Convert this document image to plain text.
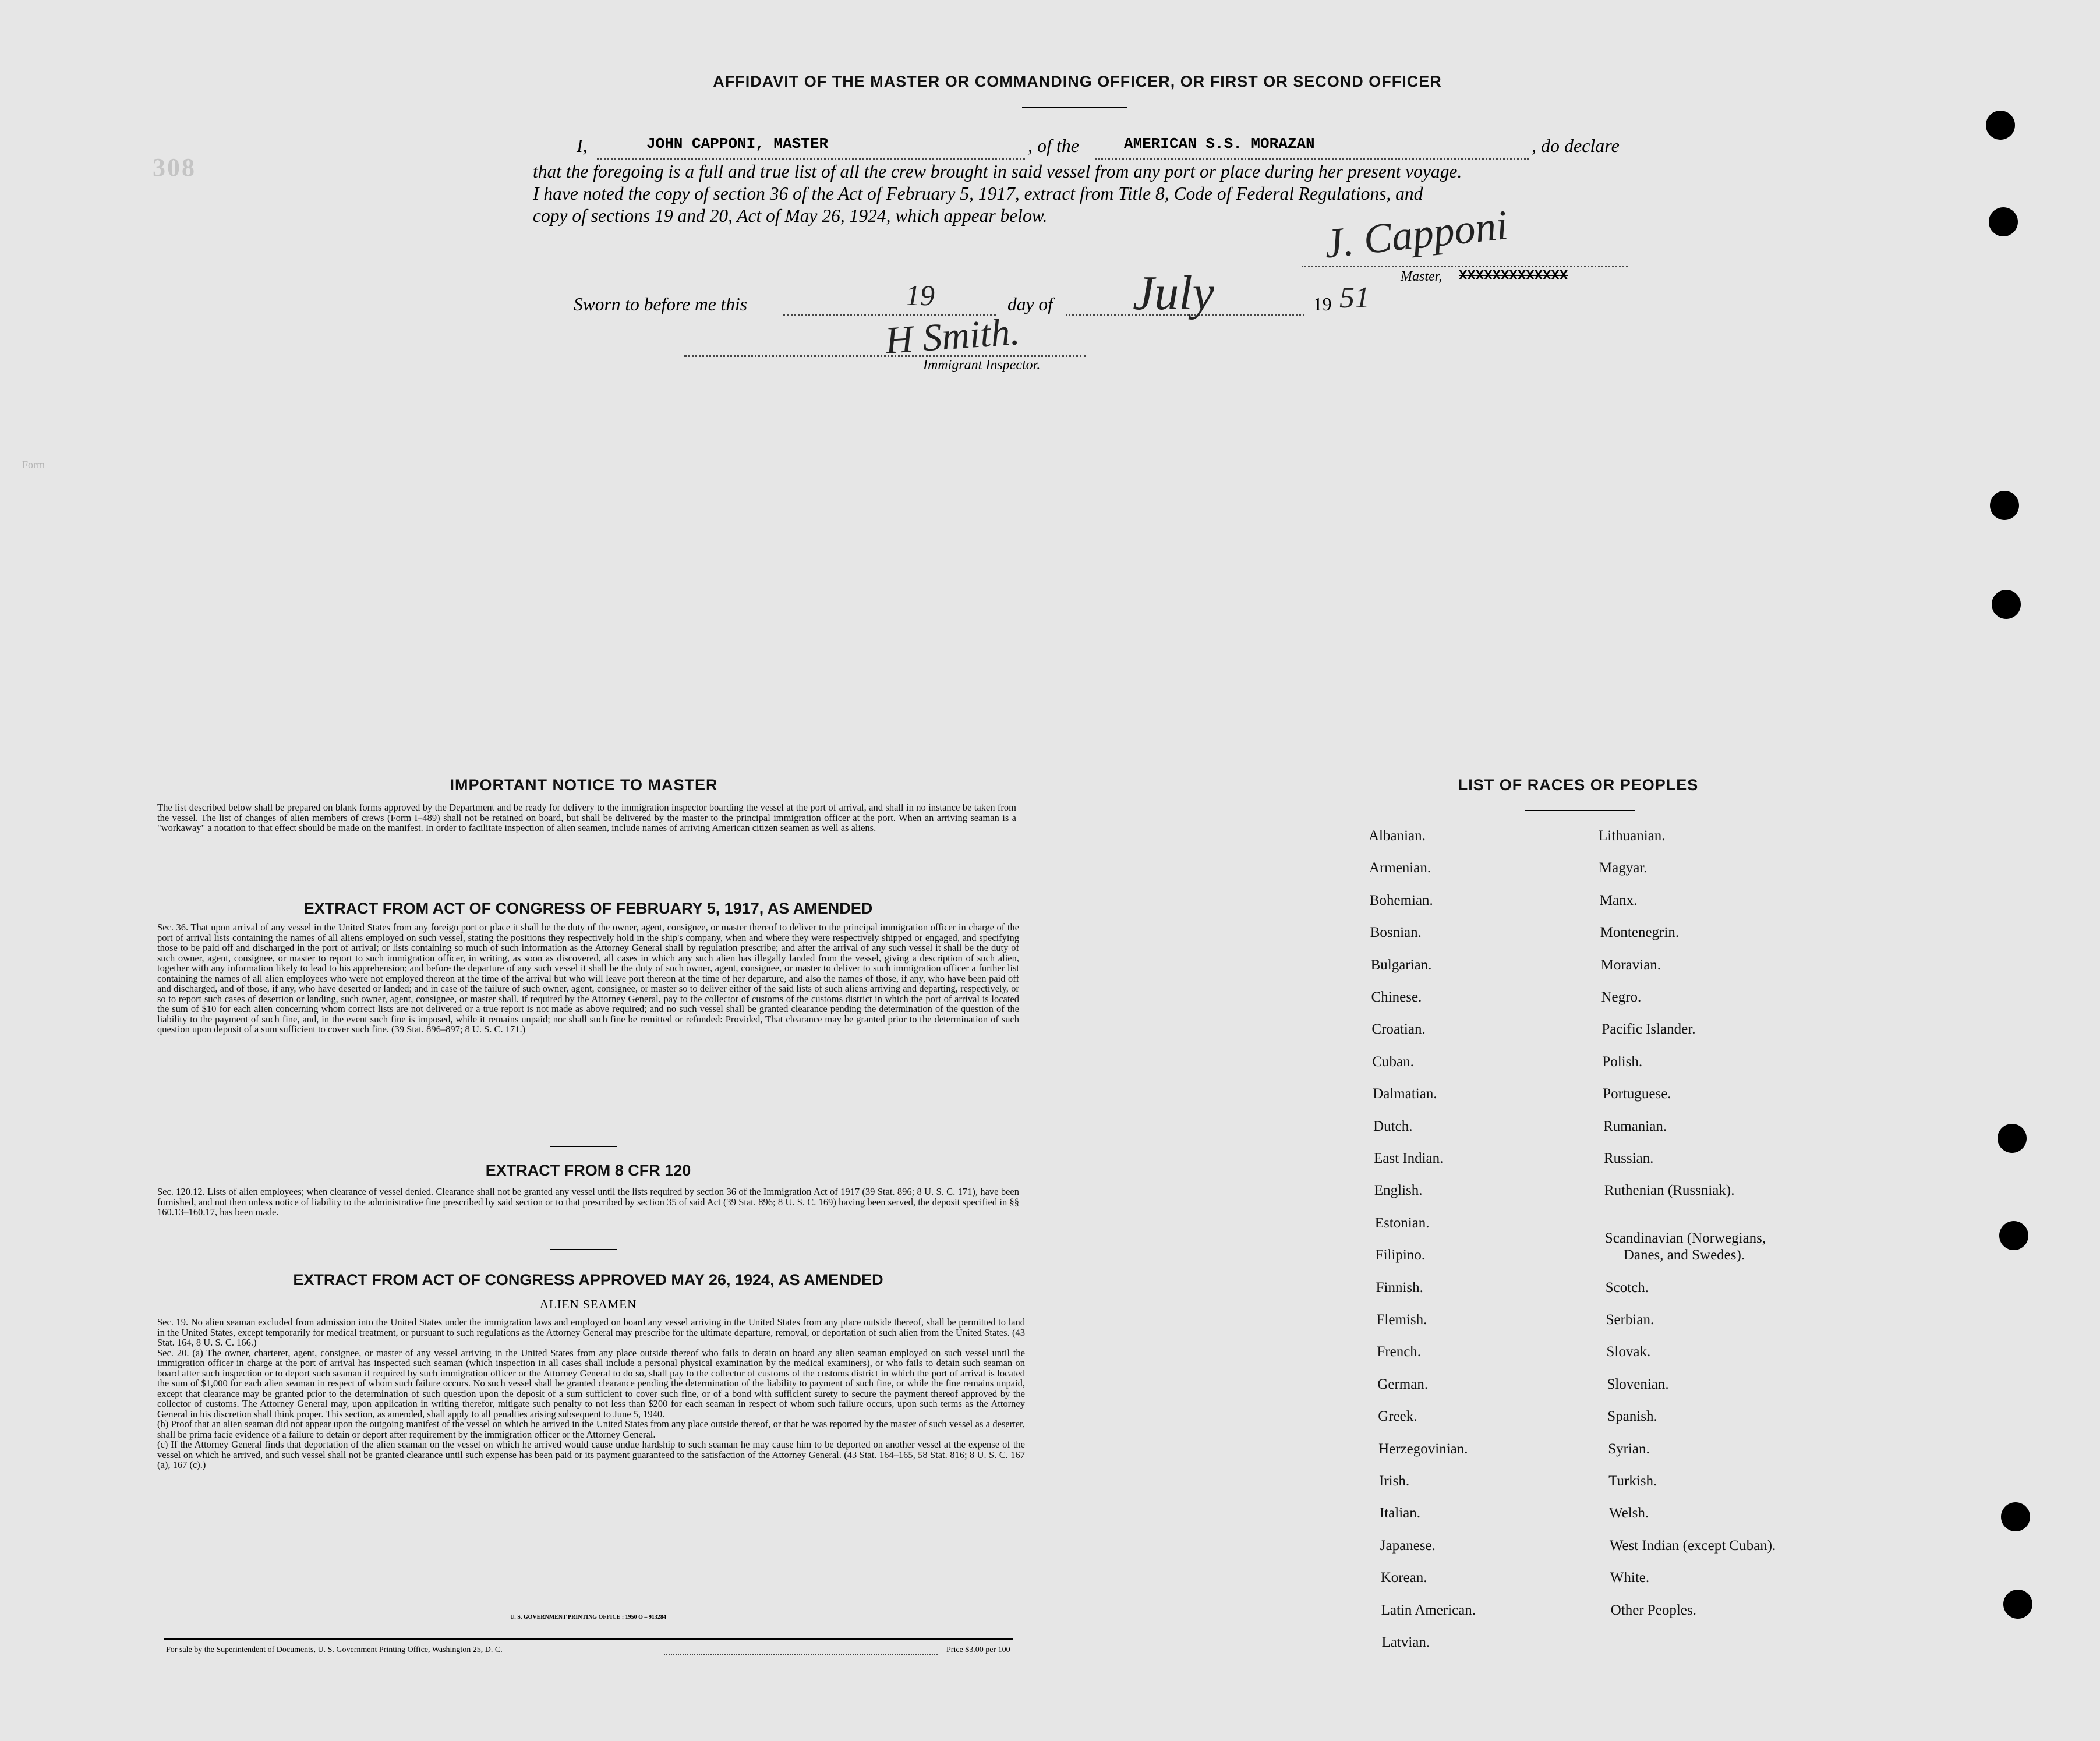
308
Form
AFFIDAVIT OF THE MASTER OR COMMANDING OFFICER, OR FIRST OR SECOND OFFICER
I,	JOHN CAPPONI, MASTER	, of the	AMERICAN S.S. MORAZAN	, do declare
that the foregoing is a full and true list of all the crew brought in said vessel from any port or place during her present voyage.
I have noted the copy of section 36 of the Act of February 5, 1917, extract from Title 8, Code of Federal Regulations, and
copy of sections 19 and 20, Act of May 26, 1924, which appear below.	J. Capponi
Master, XXXXXXXXXXXXX
Sworn to before me this	19	day of July	19 51
H Smith.
Immigrant Inspector.
IMPORTANT NOTICE TO MASTER
The list described below shall be prepared on blank forms approved by the Department and be ready for delivery to the immigration inspector boarding the vessel at the port of arrival, and shall in no instance be taken from the vessel. The list of changes of alien members of crews (Form I–489) shall not be retained on board, but shall be delivered by the master to the principal immigration officer at the port. When an arriving seaman is a "workaway" a notation to that effect should be made on the manifest. In order to facilitate inspection of alien seamen, include names of arriving American citizen seamen as well as aliens.
EXTRACT FROM ACT OF CONGRESS OF FEBRUARY 5, 1917, AS AMENDED
Sec. 36. That upon arrival of any vessel in the United States from any foreign port or place it shall be the duty of the owner, agent, consignee, or master thereof to deliver to the principal immigration officer in charge of the port of arrival lists containing the names of all aliens employed on such vessel, stating the positions they respectively hold in the ship's company, when and where they were respectively shipped or engaged, and specifying those to be paid off and discharged in the port of arrival; or lists containing so much of such information as the Attorney General shall by regulation prescribe; and after the arrival of any such vessel it shall be the duty of such owner, agent, consignee, or master to report to such immigration officer, in writing, as soon as discovered, all cases in which any such alien has illegally landed from the vessel, giving a description of such alien, together with any information likely to lead to his apprehension; and before the departure of any such vessel it shall be the duty of such owner, agent, consignee, or master to deliver to such immigration officer a further list containing the names of all alien employees who were not employed thereon at the time of the arrival but who will leave port thereon at the time of her departure, and also the names of those, if any, who have been paid off and discharged, and of those, if any, who have deserted or landed; and in case of the failure of such owner, agent, consignee, or master so to deliver either of the said lists of such aliens arriving and departing, respectively, or so to report such cases of desertion or landing, such owner, agent, consignee, or master shall, if required by the Attorney General, pay to the collector of customs of the customs district in which the port of arrival is located the sum of $10 for each alien concerning whom correct lists are not delivered or a true report is not made as above required; and no such vessel shall be granted clearance pending the determination of the question of the liability to the payment of such fine, and, in the event such fine is imposed, while it remains unpaid; nor shall such fine be remitted or refunded: Provided, That clearance may be granted prior to the determination of such question upon deposit of a sum sufficient to cover such fine. (39 Stat. 896–897; 8 U. S. C. 171.)
EXTRACT FROM 8 CFR 120
Sec. 120.12. Lists of alien employees; when clearance of vessel denied. Clearance shall not be granted any vessel until the lists required by section 36 of the Immigration Act of 1917 (39 Stat. 896; 8 U. S. C. 171), have been furnished, and not then unless notice of liability to the administrative fine prescribed by said section or to that prescribed by section 35 of said Act (39 Stat. 896; 8 U. S. C. 169) having been served, the deposit specified in §§ 160.13–160.17, has been made.
EXTRACT FROM ACT OF CONGRESS APPROVED MAY 26, 1924, AS AMENDED
ALIEN SEAMEN

Sec. 19. No alien seaman excluded from admission into the United States under the immigration laws and employed on board any vessel arriving in the United States from any place outside thereof, shall be permitted to land in the United States, except temporarily for medical treatment, or pursuant to such regulations as the Attorney General may prescribe for the ultimate departure, removal, or deportation of such alien from the United States. (43 Stat. 164, 8 U. S. C. 166.)

Sec. 20. (a) The owner, charterer, agent, consignee, or master of any vessel arriving in the United States from any place outside thereof who fails to detain on board any alien seaman employed on such vessel until the immigration officer in charge at the port of arrival has inspected such seaman (which inspection in all cases shall include a personal physical examination by the medical examiners), or who fails to detain such seaman on board after such inspection or to deport such seaman if required by such immigration officer or the Attorney General to do so, shall pay to the collector of customs of the customs district in which the port of arrival is located the sum of $1,000 for each alien seaman in respect of whom such failure occurs. No such vessel shall be granted clearance pending the determination of the liability to payment of such fine, or while the fine remains unpaid, except that clearance may be granted prior to the determination of such question upon the deposit of a sum sufficient to cover such fine, or of a bond with sufficient surety to secure the payment thereof approved by the collector of customs. The Attorney General may, upon application in writing therefor, mitigate such penalty to not less than $200 for each seaman in respect of whom such failure occurs, upon such terms as the Attorney General in his discretion shall think proper. This section, as amended, shall apply to all penalties arising subsequent to June 5, 1940.

(b) Proof that an alien seaman did not appear upon the outgoing manifest of the vessel on which he arrived in the United States from any place outside thereof, or that he was reported by the master of such vessel as a deserter, shall be prima facie evidence of a failure to detain or deport after requirement by the immigration officer or the Attorney General.

(c) If the Attorney General finds that deportation of the alien seaman on the vessel on which he arrived would cause undue hardship to such seaman he may cause him to be deported on another vessel at the expense of the vessel on which he arrived, and such vessel shall not be granted clearance until such expense has been paid or its payment guaranteed to the satisfaction of the Attorney General. (43 Stat. 164–165, 58 Stat. 816; 8 U. S. C. 167 (a), 167 (c).)

U. S. GOVERNMENT PRINTING OFFICE : 1950 O – 913284
For sale by the Superintendent of Documents, U. S. Government Printing Office, Washington 25, D. C.	Price $3.00 per 100
LIST OF RACES OR PEOPLES
Albanian.
Armenian.
Bohemian.
Bosnian.
Bulgarian.
Chinese.
Croatian.
Cuban.
Dalmatian.
Dutch.
East Indian.
English.
Estonian.
Filipino.
Finnish.
Flemish.
French.
German.
Greek.
Herzegovinian.
Irish.
Italian.
Japanese.
Korean.
Latin American.
Latvian.
Lithuanian.
Magyar.
Manx.
Montenegrin.
Moravian.
Negro.
Pacific Islander.
Polish.
Portuguese.
Rumanian.
Russian.
Ruthenian (Russniak).
Scandinavian (Norwegians,
Danes, and Swedes).
Scotch.
Serbian.
Slovak.
Slovenian.
Spanish.
Syrian.
Turkish.
Welsh.
West Indian (except Cuban).
White.
Other Peoples.
